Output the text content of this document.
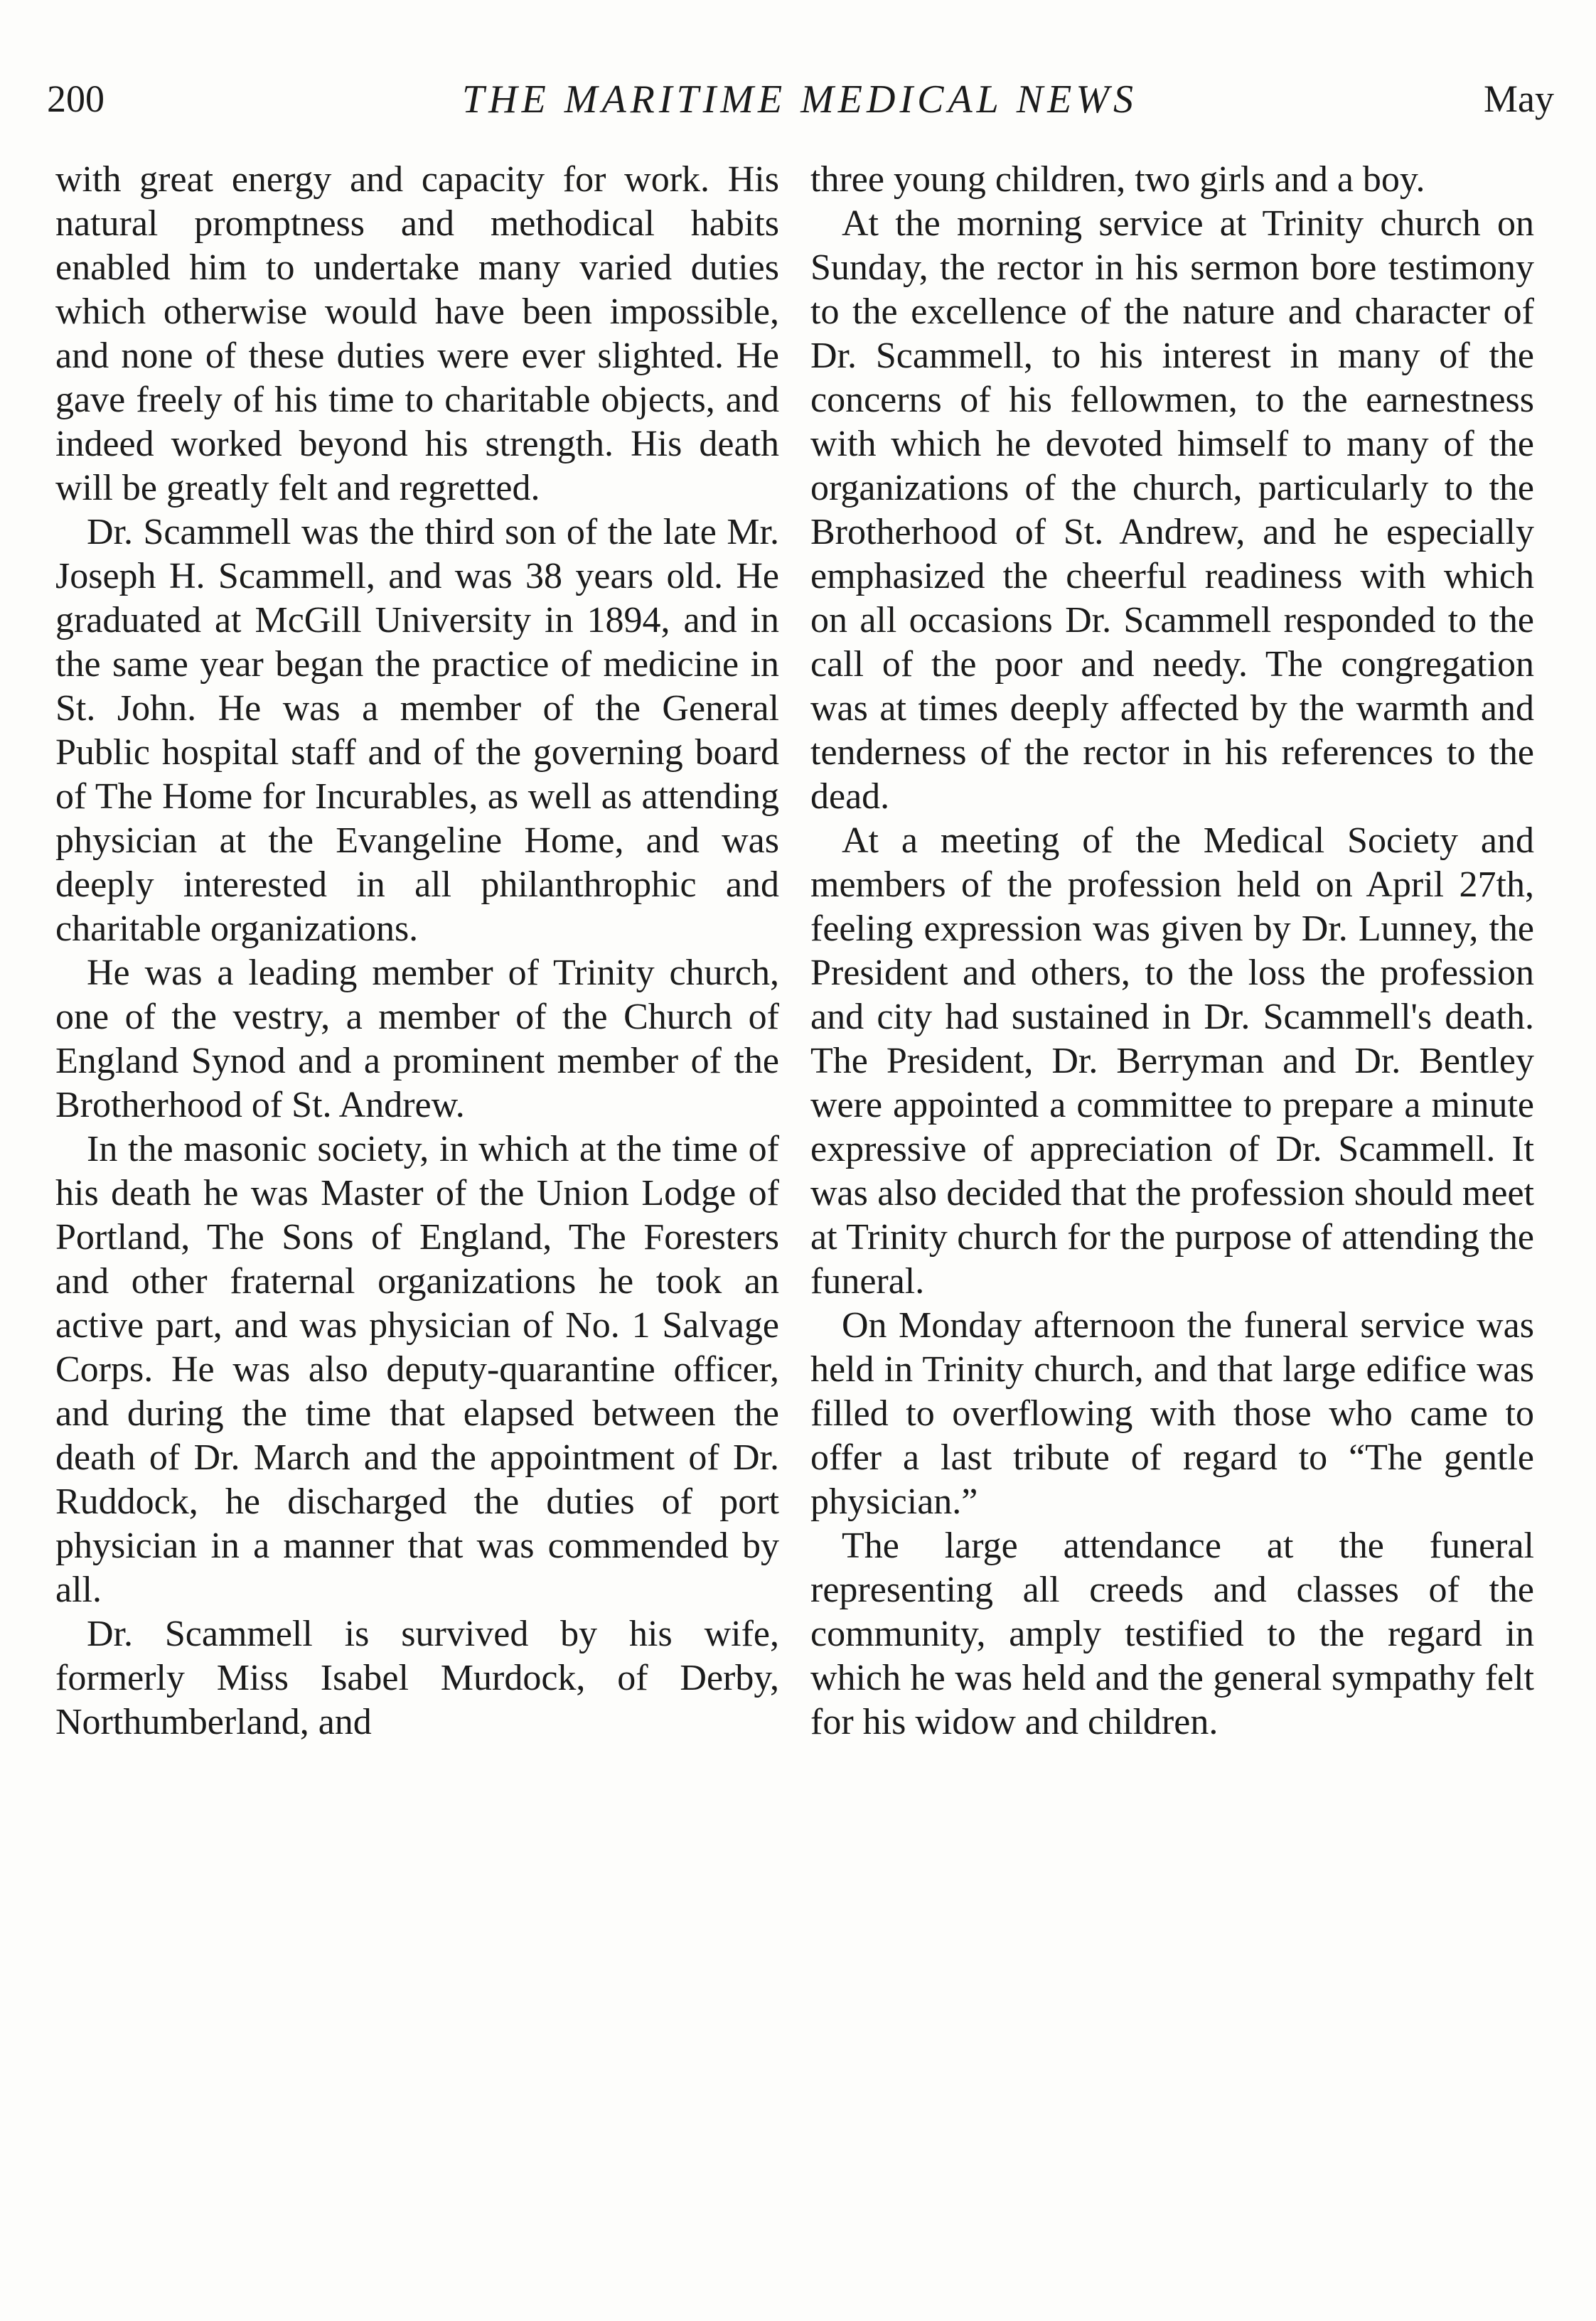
200	THE MARITIME MEDICAL NEWS	May

with great energy and capacity for work. His natural promptness and methodical habits enabled him to undertake many varied duties which otherwise would have been impossible, and none of these duties were ever slighted. He gave freely of his time to charitable objects, and indeed worked beyond his strength. His death will be greatly felt and regretted.

Dr. Scammell was the third son of the late Mr. Joseph H. Scammell, and was 38 years old. He graduated at McGill University in 1894, and in the same year began the practice of medicine in St. John. He was a member of the General Public hospital staff and of the governing board of The Home for Incurables, as well as attending physician at the Evangeline Home, and was deeply interested in all philanthrophic and charitable organizations.

He was a leading member of Trinity church, one of the vestry, a member of the Church of England Synod and a prominent member of the Brotherhood of St. Andrew.

In the masonic society, in which at the time of his death he was Master of the Union Lodge of Portland, The Sons of England, The Foresters and other fraternal organizations he took an active part, and was physician of No. 1 Salvage Corps. He was also deputy-quarantine officer, and during the time that elapsed between the death of Dr. March and the appointment of Dr. Ruddock, he discharged the duties of port physician in a manner that was commended by all.

Dr. Scammell is survived by his wife, formerly Miss Isabel Murdock, of Derby, Northumberland, and

three young children, two girls and a boy.

At the morning service at Trinity church on Sunday, the rector in his sermon bore testimony to the excellence of the nature and character of Dr. Scammell, to his interest in many of the concerns of his fellowmen, to the earnestness with which he devoted himself to many of the organizations of the church, particularly to the Brotherhood of St. Andrew, and he especially emphasized the cheerful readiness with which on all occasions Dr. Scammell responded to the call of the poor and needy. The congregation was at times deeply affected by the warmth and tenderness of the rector in his references to the dead.

At a meeting of the Medical Society and members of the profession held on April 27th, feeling expression was given by Dr. Lunney, the President and others, to the loss the profession and city had sustained in Dr. Scammell's death. The President, Dr. Berryman and Dr. Bentley were appointed a committee to prepare a minute expressive of appreciation of Dr. Scammell. It was also decided that the profession should meet at Trinity church for the purpose of attending the funeral.

On Monday afternoon the funeral service was held in Trinity church, and that large edifice was filled to overflowing with those who came to offer a last tribute of regard to “The gentle physician.”

The large attendance at the funeral representing all creeds and classes of the community, amply testified to the regard in which he was held and the general sympathy felt for his widow and children.
